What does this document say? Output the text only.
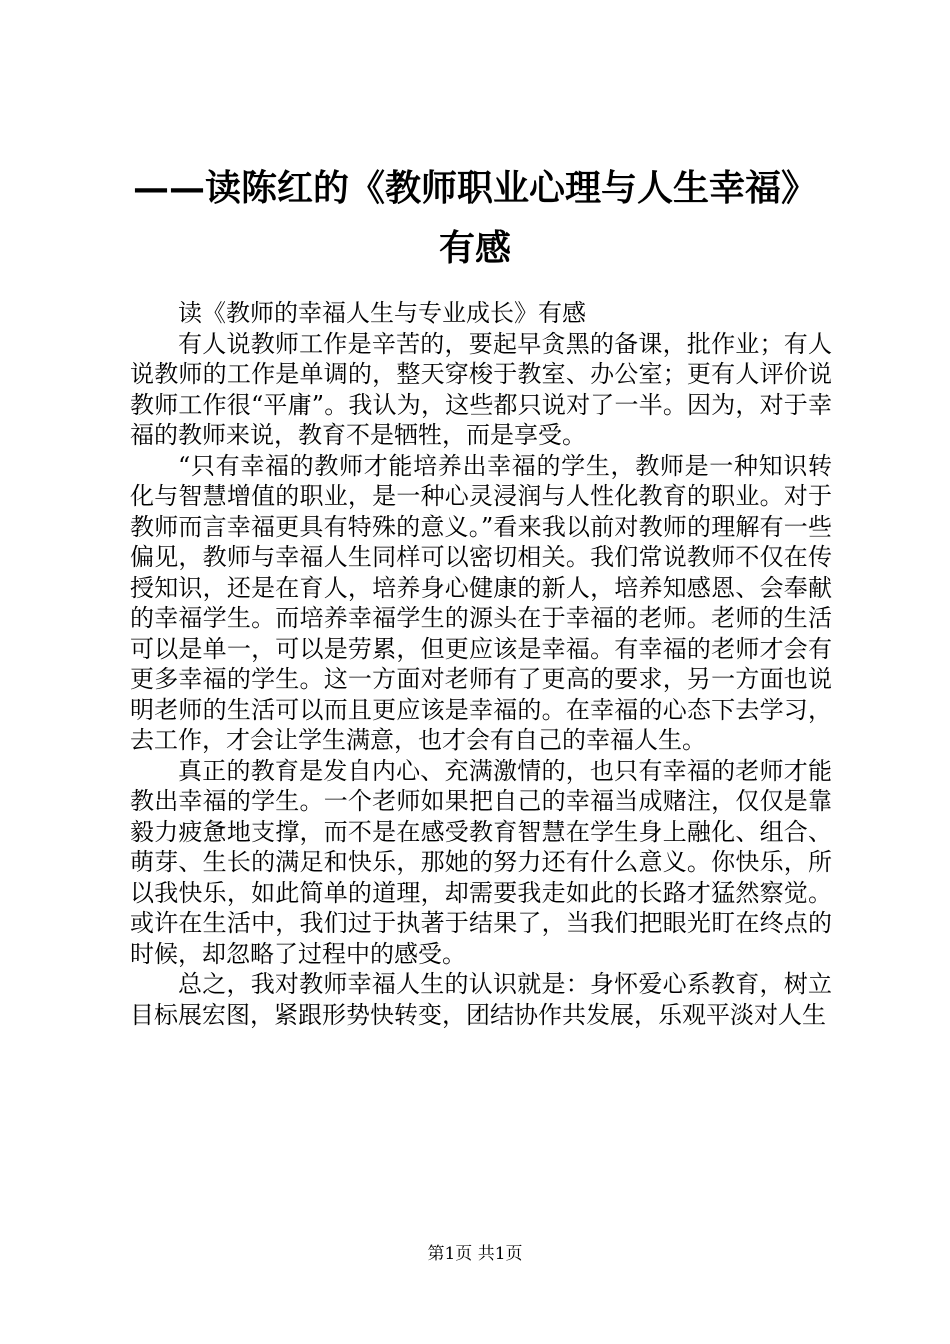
——读陈红的《教师职业心理与人生幸福》有感

读《教师的幸福人生与专业成长》有感

有人说教师工作是辛苦的，要起早贪黑的备课，批作业；有人说教师的工作是单调的，整天穿梭于教室、办公室；更有人评价说教师工作很“平庸”。我认为，这些都只说对了一半。因为，对于幸福的教师来说，教育不是牺牲，而是享受。

“只有幸福的教师才能培养出幸福的学生，教师是一种知识转化与智慧增值的职业，是一种心灵浸润与人性化教育的职业。对于教师而言幸福更具有特殊的意义。”看来我以前对教师的理解有一些偏见，教师与幸福人生同样可以密切相关。我们常说教师不仅在传授知识，还是在育人，培养身心健康的新人，培养知感恩、会奉献的幸福学生。而培养幸福学生的源头在于幸福的老师。老师的生活可以是单一，可以是劳累，但更应该是幸福。有幸福的老师才会有更多幸福的学生。这一方面对老师有了更高的要求，另一方面也说明老师的生活可以而且更应该是幸福的。在幸福的心态下去学习，去工作，才会让学生满意，也才会有自己的幸福人生。

真正的教育是发自内心、充满激情的，也只有幸福的老师才能教出幸福的学生。一个老师如果把自己的幸福当成赌注，仅仅是靠毅力疲惫地支撑，而不是在感受教育智慧在学生身上融化、组合、萌芽、生长的满足和快乐，那她的努力还有什么意义。你快乐，所以我快乐，如此简单的道理，却需要我走如此的长路才猛然察觉。或许在生活中，我们过于执著于结果了，当我们把眼光盯在终点的时候，却忽略了过程中的感受。

总之，我对教师幸福人生的认识就是：身怀爱心系教育，树立目标展宏图，紧跟形势快转变，团结协作共发展，乐观平淡对人生

第1页 共1页
